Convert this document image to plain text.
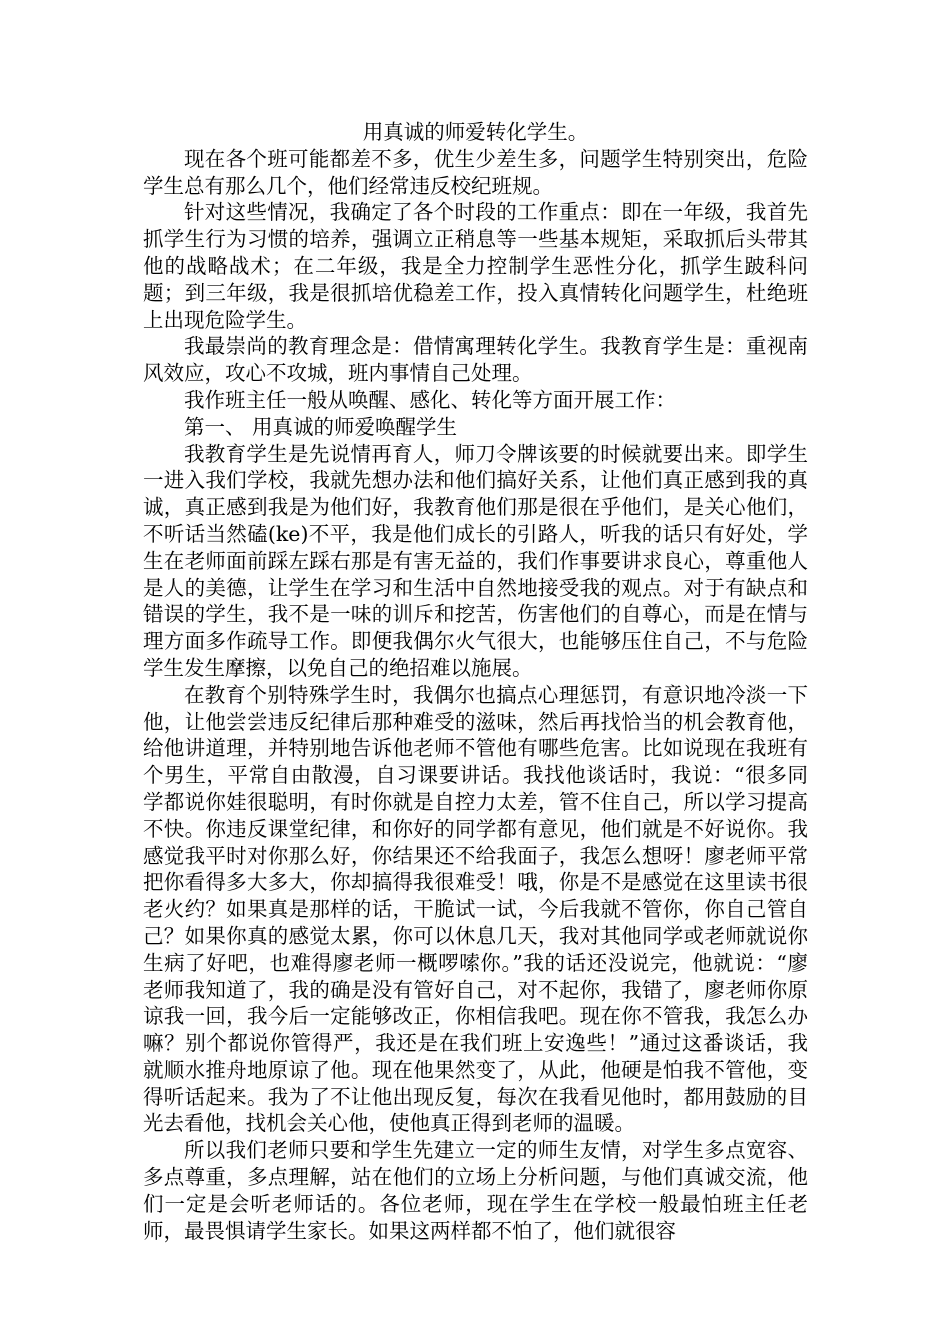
用真诚的师爱转化学生。

现在各个班可能都差不多，优生少差生多，问题学生特别突出，危险学生总有那么几个，他们经常违反校纪班规。

针对这些情况，我确定了各个时段的工作重点：即在一年级，我首先抓学生行为习惯的培养，强调立正稍息等一些基本规矩，采取抓后头带其他的战略战术；在二年级，我是全力控制学生恶性分化，抓学生跛科问题；到三年级，我是很抓培优稳差工作，投入真情转化问题学生，杜绝班上出现危险学生。

我最崇尚的教育理念是：借情寓理转化学生。我教育学生是：重视南风效应，攻心不攻城，班内事情自己处理。

我作班主任一般从唤醒、感化、转化等方面开展工作：

第一、 用真诚的师爱唤醒学生

我教育学生是先说情再育人，师刀令牌该要的时候就要出来。即学生一进入我们学校，我就先想办法和他们搞好关系，让他们真正感到我的真诚，真正感到我是为他们好，我教育他们那是很在乎他们，是关心他们，不听话当然磕(ke)不平，我是他们成长的引路人，听我的话只有好处，学生在老师面前踩左踩右那是有害无益的，我们作事要讲求良心，尊重他人是人的美德，让学生在学习和生活中自然地接受我的观点。对于有缺点和错误的学生，我不是一味的训斥和挖苦，伤害他们的自尊心，而是在情与理方面多作疏导工作。即便我偶尔火气很大，也能够压住自己，不与危险学生发生摩擦，以免自己的绝招难以施展。

在教育个别特殊学生时，我偶尔也搞点心理惩罚，有意识地冷淡一下他，让他尝尝违反纪律后那种难受的滋味，然后再找恰当的机会教育他，给他讲道理，并特别地告诉他老师不管他有哪些危害。比如说现在我班有个男生，平常自由散漫，自习课要讲话。我找他谈话时，我说：“很多同学都说你娃很聪明，有时你就是自控力太差，管不住自己，所以学习提高不快。你违反课堂纪律，和你好的同学都有意见，他们就是不好说你。我感觉我平时对你那么好，你结果还不给我面子，我怎么想呀！廖老师平常把你看得多大多大，你却搞得我很难受！哦，你是不是感觉在这里读书很老火约？如果真是那样的话，干脆试一试，今后我就不管你，你自己管自己？如果你真的感觉太累，你可以休息几天，我对其他同学或老师就说你生病了好吧，也难得廖老师一概啰嗦你。”我的话还没说完，他就说：“廖老师我知道了，我的确是没有管好自己，对不起你，我错了，廖老师你原谅我一回，我今后一定能够改正，你相信我吧。现在你不管我，我怎么办嘛？别个都说你管得严，我还是在我们班上安逸些！”通过这番谈话，我就顺水推舟地原谅了他。现在他果然变了，从此，他硬是怕我不管他，变得听话起来。我为了不让他出现反复，每次在我看见他时，都用鼓励的目光去看他，找机会关心他，使他真正得到老师的温暖。

所以我们老师只要和学生先建立一定的师生友情，对学生多点宽容、多点尊重，多点理解，站在他们的立场上分析问题，与他们真诚交流，他们一定是会听老师话的。各位老师，现在学生在学校一般最怕班主任老师，最畏惧请学生家长。如果这两样都不怕了，他们就很容
